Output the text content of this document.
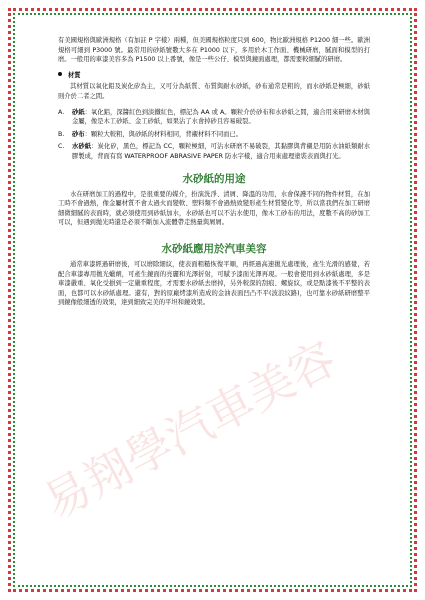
易翔學汽車美容

有美國規格與歐洲規格（有加註 P 字樣）兩種，但美國規格粒度只到 600，物比歐洲規格 P1200 細一些。歐洲規格可細到 P3000 號。最常用的砂紙號數大多在 P1000 以下，多用於木工作面、機械研磨，膩面和模型的打磨。一般用的車漆美容多為 P1500 以上番號，像是一些公仔、模型與鏡面處理，都需要較細膩的研磨。

材質

其材質以氧化鋁及炭化矽為主，又可分為紙質、布質與耐水砂紙，砂布通常是粗的，而水砂紙是極細，砂紙則介於二者之間。

A.	砂紙：氧化鋁，深醬紅色到淡鐵紅色，標記為 AA 或 A。顆粒介於砂布和水砂紙之間，適合用來研磨木材與金屬，像是木工砂紙、金工砂紙，如果沾了水會掉砂且容易破裂。
B.	砂布：顆粒大較粗，與砂紙的材料相同，背襯材料不同而已。
C.	水砂紙：炭化矽，黑色，標記為 CC，顆粒極細，可沾水研磨不易破裂，其黏膠與背襯是用防水油紙類耐水膠製成，背面有寫 WATERPROOF ABRASIVE PAPER 防水字樣，適合用來處理塗裝表面與打光。
水砂紙的用途

水在研磨加工的過程中，是很重要的媒介，扮演洗淨、清屑、降溫的功用，水會保護不同的物件材質，在加工時不會過熱，像金屬材質不會太過火而變軟、塑料類不會過熱致變形產生材質變化等，所以當我們在加工研磨細微細膩的表面時，就必須使用到砂紙加水，水砂紙也可以不沾水使用，像木工砂布的用法，度數不高的砂加工可以，但遇到拋光時還是必須不斷加入流體帶走熱量與屑屑。

水砂紙應用於汽車美容

通常車漆經過研磨後，可以磨除細紋，使表面粗糙恢復平順，再經過高速拋光處理後，產生光滑的感覺，若配合車漆專用拋光蠟劑，可產生鏡面的亮麗和光澤折射，可賦予漆面光澤再現。一般會使用到水砂紙處理，多是車漆嚴重、氧化受損到一定嚴重程度，才需要水砂紙去磨掉，另外較深的刮痕、螺旋紋，或是點漆後不平整的表面，也都可以水砂紙處理。還有，對的原廠烤漆所造成的金油表面凹凸不平(波浪紋路)，也可靠水砂紙研磨整平到鏡像般細透的效果，達到細致完美的平坦和鏡效果。
